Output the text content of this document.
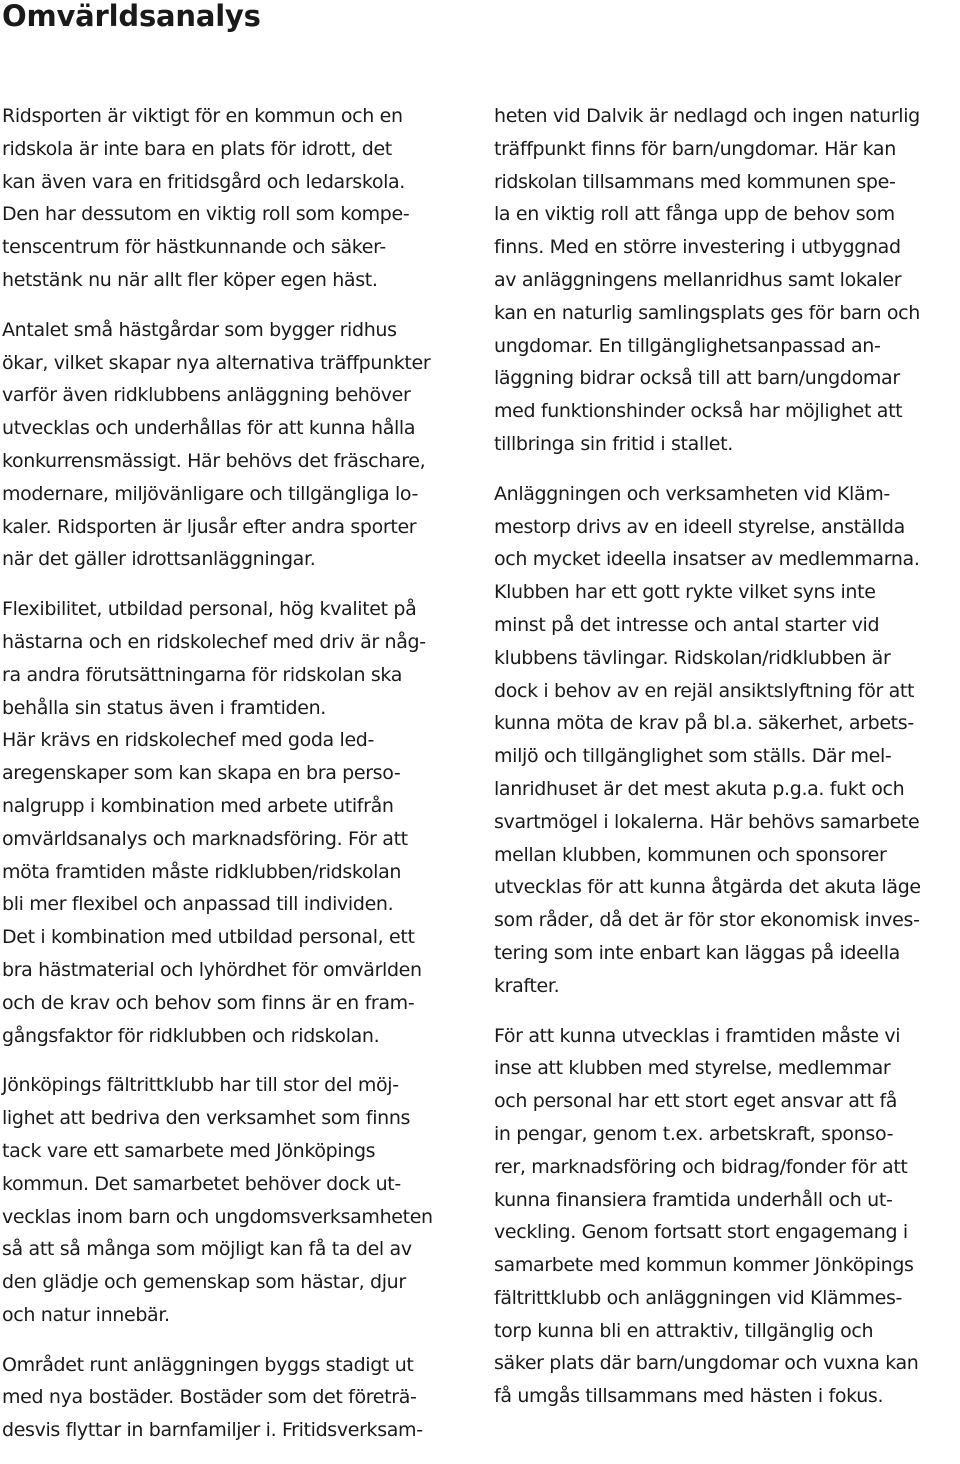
Omvärldsanalys

Ridsporten är viktigt för en kommun och en
ridskola är inte bara en plats för idrott, det
kan även vara en fritidsgård och ledarskola.
Den har dessutom en viktig roll som kompe-
tenscentrum för hästkunnande och säker-
hetstänk nu när allt fler köper egen häst.

Antalet små hästgårdar som bygger ridhus
ökar, vilket skapar nya alternativa träffpunkter
varför även ridklubbens anläggning behöver
utvecklas och underhållas för att kunna hålla
konkurrensmässigt. Här behövs det fräschare,
modernare, miljövänligare och tillgängliga lo-
kaler. Ridsporten är ljusår efter andra sporter
när det gäller idrottsanläggningar.

Flexibilitet, utbildad personal, hög kvalitet på
hästarna och en ridskolechef med driv är någ-
ra andra förutsättningarna för ridskolan ska
behålla sin status även i framtiden.
Här krävs en ridskolechef med goda led-
aregenskaper som kan skapa en bra perso-
nalgrupp i kombination med arbete utifrån
omvärldsanalys och marknadsföring. För att
möta framtiden måste ridklubben/ridskolan
bli mer flexibel och anpassad till individen.
Det i kombination med utbildad personal, ett
bra hästmaterial och lyhördhet för omvärlden
och de krav och behov som finns är en fram-
gångsfaktor för ridklubben och ridskolan.

Jönköpings fältrittklubb har till stor del möj-
lighet att bedriva den verksamhet som finns
tack vare ett samarbete med Jönköpings
kommun. Det samarbetet behöver dock ut-
vecklas inom barn och ungdomsverksamheten
så att så många som möjligt kan få ta del av
den glädje och gemenskap som hästar, djur
och natur innebär.

Området runt anläggningen byggs stadigt ut
med nya bostäder. Bostäder som det företrä-
desvis flyttar in barnfamiljer i. Fritidsverksam-

heten vid Dalvik är nedlagd och ingen naturlig
träffpunkt finns för barn/ungdomar. Här kan
ridskolan tillsammans med kommunen spe-
la en viktig roll att fånga upp de behov som
finns. Med en större investering i utbyggnad
av anläggningens mellanridhus samt lokaler
kan en naturlig samlingsplats ges för barn och
ungdomar. En tillgänglighetsanpassad an-
läggning bidrar också till att barn/ungdomar
med funktionshinder också har möjlighet att
tillbringa sin fritid i stallet.

Anläggningen och verksamheten vid Kläm-
mestorp drivs av en ideell styrelse, anställda
och mycket ideella insatser av medlemmarna.
Klubben har ett gott rykte vilket syns inte
minst på det intresse och antal starter vid
klubbens tävlingar. Ridskolan/ridklubben är
dock i behov av en rejäl ansiktslyftning för att
kunna möta de krav på bl.a. säkerhet, arbets-
miljö och tillgänglighet som ställs. Där mel-
lanridhuset är det mest akuta p.g.a. fukt och
svartmögel i lokalerna. Här behövs samarbete
mellan klubben, kommunen och sponsorer
utvecklas för att kunna åtgärda det akuta läge
som råder, då det är för stor ekonomisk inves-
tering som inte enbart kan läggas på ideella
krafter.

För att kunna utvecklas i framtiden måste vi
inse att klubben med styrelse, medlemmar
och personal har ett stort eget ansvar att få
in pengar, genom t.ex. arbetskraft, sponso-
rer, marknadsföring och bidrag/fonder för att
kunna finansiera framtida underhåll och ut-
veckling. Genom fortsatt stort engagemang i
samarbete med kommun kommer Jönköpings
fältrittklubb och anläggningen vid Klämmes-
torp kunna bli en attraktiv, tillgänglig och
säker plats där barn/ungdomar och vuxna kan
få umgås tillsammans med hästen i fokus.
